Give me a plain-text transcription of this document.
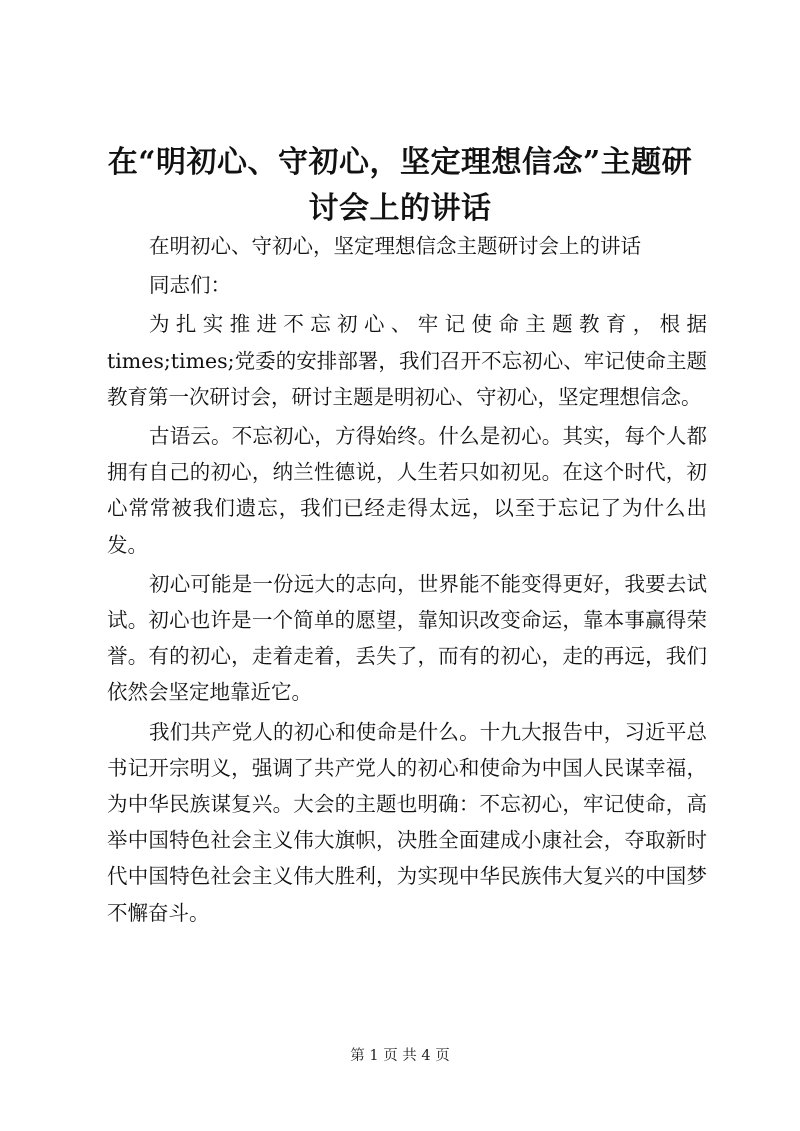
在“明初心、守初心，坚定理想信念”主题研
讨会上的讲话

在明初心、守初心，坚定理想信念主题研讨会上的讲话

同志们：

为扎实推进不忘初心、牢记使命主题教育，根据times;times;党委的安排部署，我们召开不忘初心、牢记使命主题教育第一次研讨会，研讨主题是明初心、守初心，坚定理想信念。

古语云。不忘初心，方得始终。什么是初心。其实，每个人都拥有自己的初心，纳兰性德说，人生若只如初见。在这个时代，初心常常被我们遗忘，我们已经走得太远，以至于忘记了为什么出发。

初心可能是一份远大的志向，世界能不能变得更好，我要去试试。初心也许是一个简单的愿望，靠知识改变命运，靠本事赢得荣誉。有的初心，走着走着，丢失了，而有的初心，走的再远，我们依然会坚定地靠近它。

我们共产党人的初心和使命是什么。十九大报告中，习近平总书记开宗明义，强调了共产党人的初心和使命为中国人民谋幸福，为中华民族谋复兴。大会的主题也明确：不忘初心，牢记使命，高举中国特色社会主义伟大旗帜，决胜全面建成小康社会，夺取新时代中国特色社会主义伟大胜利，为实现中华民族伟大复兴的中国梦不懈奋斗。

第 1 页 共 4 页
